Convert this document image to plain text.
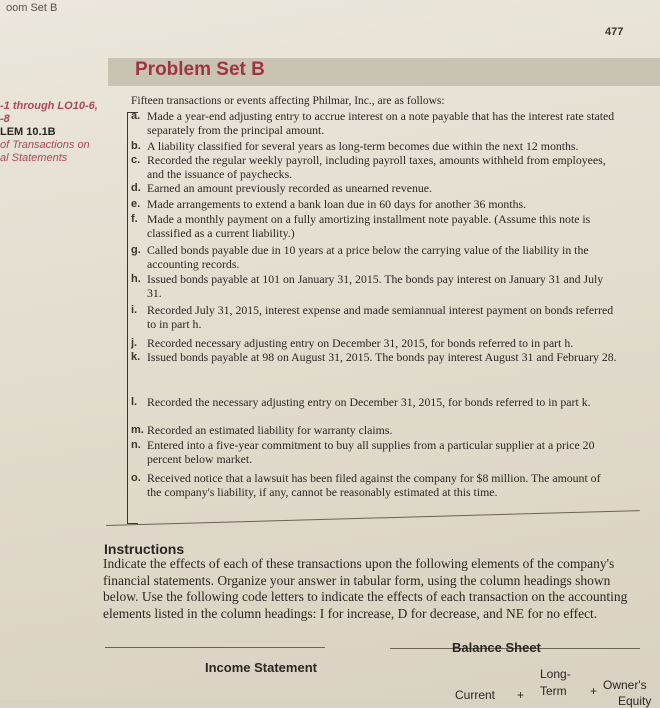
oom Set B
477
Problem Set B
-1 through LO10-6,
-8
LEM 10.1B
of Transactions on
al Statements
Fifteen transactions or events affecting Philmar, Inc., are as follows:
a. Made a year-end adjusting entry to accrue interest on a note payable that has the interest rate stated separately from the principal amount.
b. A liability classified for several years as long-term becomes due within the next 12 months.
c. Recorded the regular weekly payroll, including payroll taxes, amounts withheld from employees, and the issuance of paychecks.
d. Earned an amount previously recorded as unearned revenue.
e. Made arrangements to extend a bank loan due in 60 days for another 36 months.
f. Made a monthly payment on a fully amortizing installment note payable. (Assume this note is classified as a current liability.)
g. Called bonds payable due in 10 years at a price below the carrying value of the liability in the accounting records.
h. Issued bonds payable at 101 on January 31, 2015. The bonds pay interest on January 31 and July 31.
i. Recorded July 31, 2015, interest expense and made semiannual interest payment on bonds referred to in part h.
j. Recorded necessary adjusting entry on December 31, 2015, for bonds referred to in part h.
k. Issued bonds payable at 98 on August 31, 2015. The bonds pay interest August 31 and February 28.
l. Recorded the necessary adjusting entry on December 31, 2015, for bonds referred to in part k.
m. Recorded an estimated liability for warranty claims.
n. Entered into a five-year commitment to buy all supplies from a particular supplier at a price 20 percent below market.
o. Received notice that a lawsuit has been filed against the company for $8 million. The amount of the company's liability, if any, cannot be reasonably estimated at this time.
Instructions
Indicate the effects of each of these transactions upon the following elements of the company's financial statements. Organize your answer in tabular form, using the column headings shown below. Use the following code letters to indicate the effects of each transaction on the accounting elements listed in the column headings: I for increase, D for decrease, and NE for no effect.
Income Statement
Balance Sheet
Current +
Long-
Term + Owner's
Equity
